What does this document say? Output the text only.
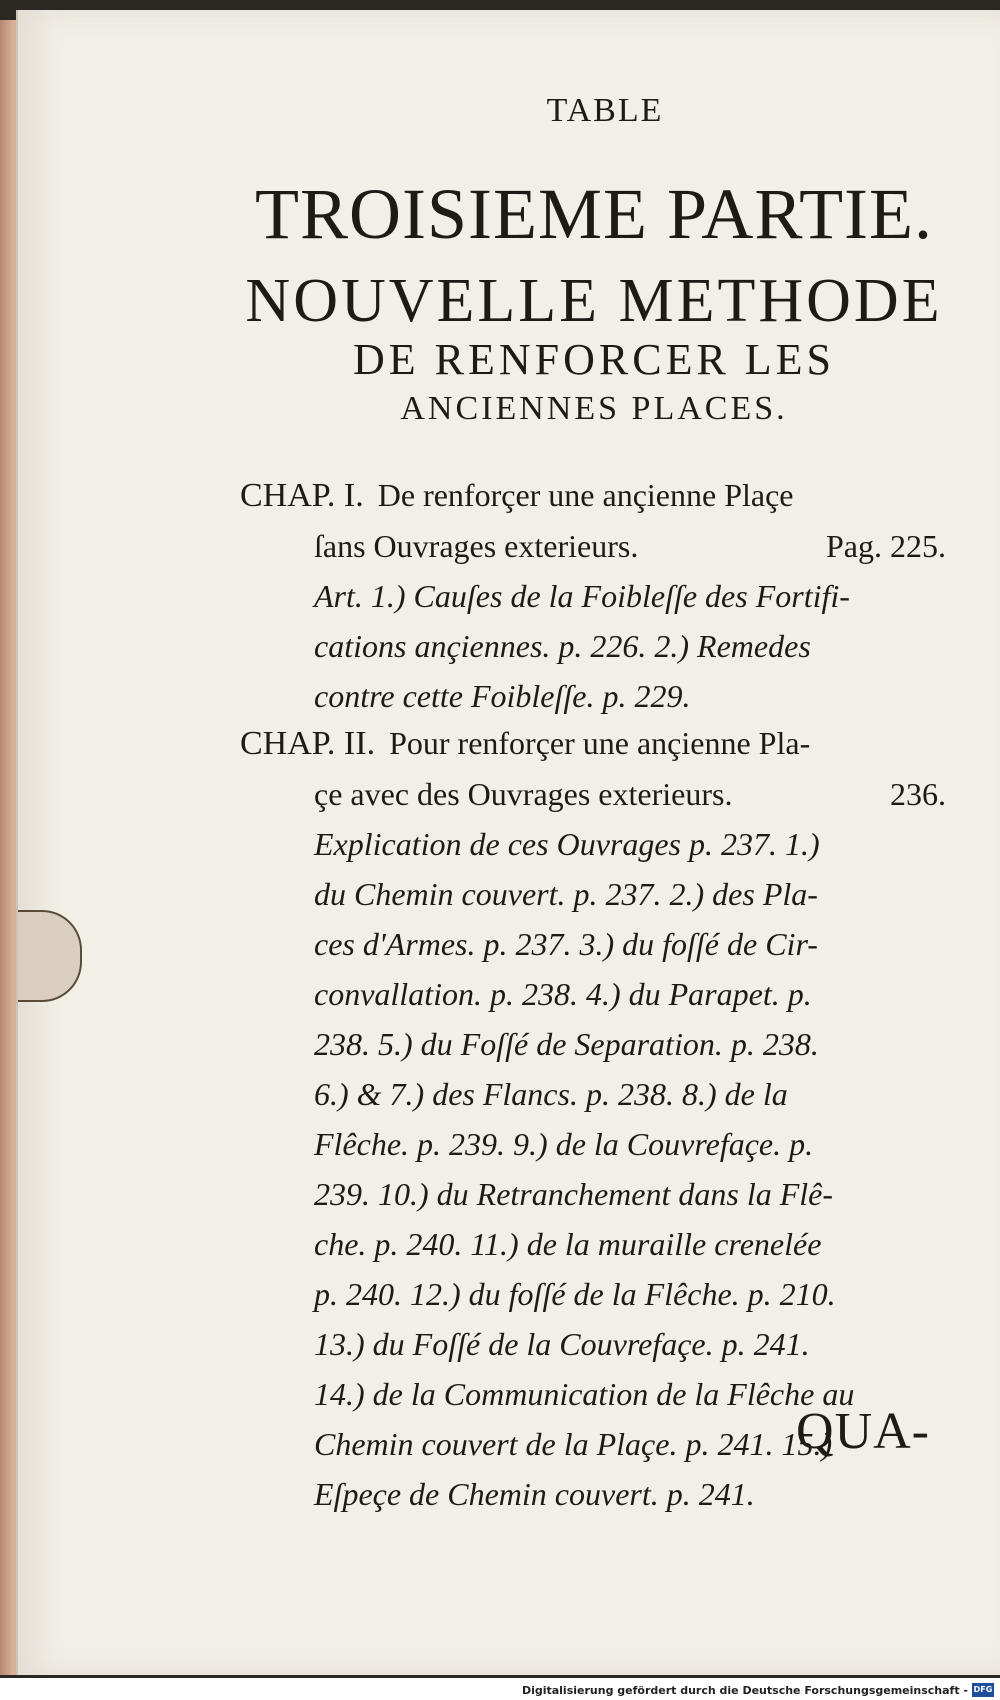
TABLE
TROISIEME PARTIE.
NOUVELLE METHODE
DE RENFORCER LES
ANCIENNES PLACES.
CHAP. I. De renforçer une ançienne Plaçe
ſans Ouvrages exterieurs.	Pag. 225.
Art. 1.) Cauſes de la Foibleſſe des Fortifi-
cations ançiennes. p. 226. 2.) Remedes
contre cette Foibleſſe. p. 229.
CHAP. II. Pour renforçer une ançienne Pla-
çe avec des Ouvrages exterieurs.	236.
Explication de ces Ouvrages p. 237. 1.)
du Chemin couvert. p. 237. 2.) des Pla-
ces d'Armes. p. 237. 3.) du foſſé de Cir-
convallation. p. 238. 4.) du Parapet. p.
238. 5.) du Foſſé de Separation. p. 238.
6.) & 7.) des Flancs. p. 238. 8.) de la
Flêche. p. 239. 9.) de la Couvrefaçe. p.
239. 10.) du Retranchement dans la Flê-
che. p. 240. 11.) de la muraille crenelée
p. 240. 12.) du foſſé de la Flêche. p. 210.
13.) du Foſſé de la Couvrefaçe. p. 241.
14.) de la Communication de la Flêche au
Chemin couvert de la Plaçe. p. 241. 15.)
Eſpeçe de Chemin couvert. p. 241.
QUA-
Digitalisierung gefördert durch die Deutsche Forschungsgemeinschaft - DFG
